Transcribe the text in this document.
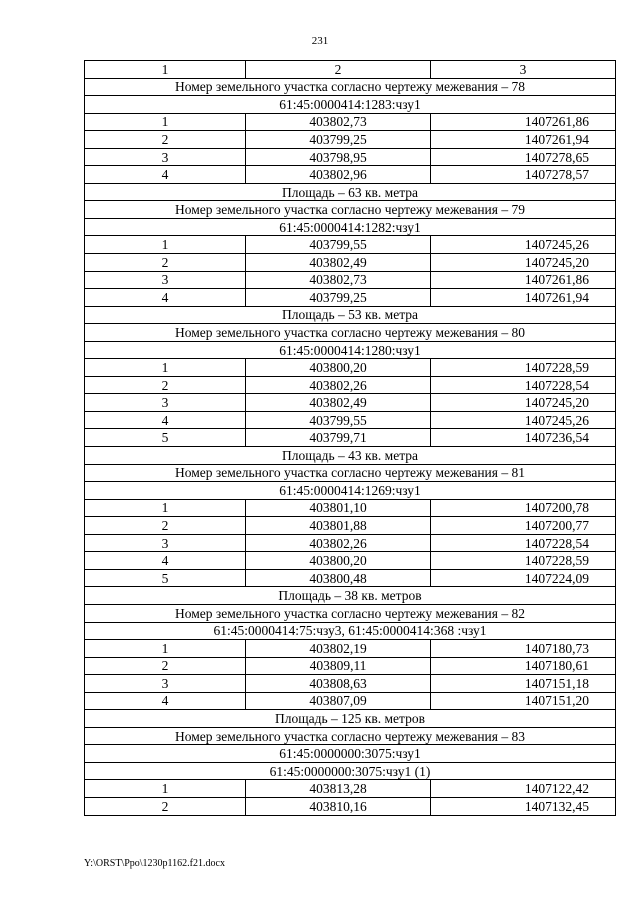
231
1	2	3
Номер земельного участка согласно чертежу межевания – 78		
61:45:0000414:1283:чзу1		
1	403802,73	1407261,86
2	403799,25	1407261,94
3	403798,95	1407278,65
4	403802,96	1407278,57
Площадь – 63 кв. метра		
Номер земельного участка согласно чертежу межевания – 79		
61:45:0000414:1282:чзу1		
1	403799,55	1407245,26
2	403802,49	1407245,20
3	403802,73	1407261,86
4	403799,25	1407261,94
Площадь – 53 кв. метра		
Номер земельного участка согласно чертежу межевания – 80		
61:45:0000414:1280:чзу1		
1	403800,20	1407228,59
2	403802,26	1407228,54
3	403802,49	1407245,20
4	403799,55	1407245,26
5	403799,71	1407236,54
Площадь – 43 кв. метра		
Номер земельного участка согласно чертежу межевания – 81		
61:45:0000414:1269:чзу1		
1	403801,10	1407200,78
2	403801,88	1407200,77
3	403802,26	1407228,54
4	403800,20	1407228,59
5	403800,48	1407224,09
Площадь – 38 кв. метров		
Номер земельного участка согласно чертежу межевания – 82		
61:45:0000414:75:чзу3, 61:45:0000414:368 :чзу1		
1	403802,19	1407180,73
2	403809,11	1407180,61
3	403808,63	1407151,18
4	403807,09	1407151,20
Площадь – 125 кв. метров		
Номер земельного участка согласно чертежу межевания – 83		
61:45:0000000:3075:чзу1		
61:45:0000000:3075:чзу1 (1)		
1	403813,28	1407122,42
2	403810,16	1407132,45
Y:\ORST\Ppo\1230p1162.f21.docx
